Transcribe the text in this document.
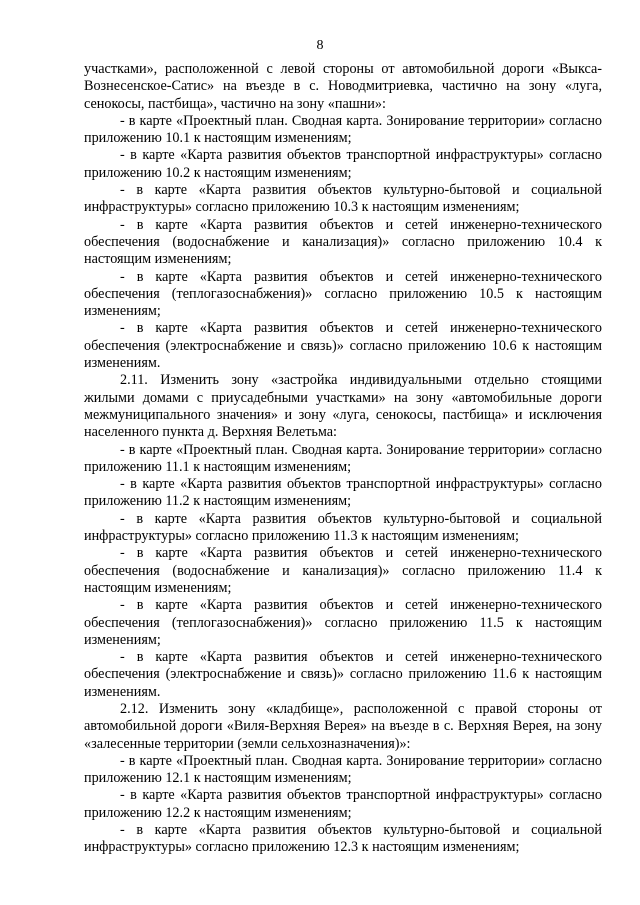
8

участками», расположенной с левой стороны от автомобильной дороги «Выкса-Вознесенское-Сатис» на въезде в с. Новодмитриевка, частично на зону «луга, сенокосы, пастбища», частично на зону «пашни»:

- в карте «Проектный план. Сводная карта. Зонирование территории» согласно приложению 10.1 к настоящим изменениям;

- в карте «Карта развития объектов транспортной инфраструктуры» согласно приложению 10.2 к настоящим изменениям;

- в карте «Карта развития объектов культурно-бытовой и социальной инфраструктуры» согласно приложению 10.3 к настоящим изменениям;

- в карте «Карта развития объектов и сетей инженерно-технического обеспечения (водоснабжение и канализация)» согласно приложению 10.4 к настоящим изменениям;

- в карте «Карта развития объектов и сетей инженерно-технического обеспечения (теплогазоснабжения)» согласно приложению 10.5 к настоящим изменениям;

- в карте «Карта развития объектов и сетей инженерно-технического обеспечения (электроснабжение и связь)» согласно приложению 10.6 к настоящим изменениям.

2.11. Изменить зону «застройка индивидуальными отдельно стоящими жилыми домами с приусадебными участками» на зону «автомобильные дороги межмуниципального значения» и зону «луга, сенокосы, пастбища» и исключения населенного пункта д. Верхняя Велетьма:

- в карте «Проектный план. Сводная карта. Зонирование территории» согласно приложению 11.1 к настоящим изменениям;

- в карте «Карта развития объектов транспортной инфраструктуры» согласно приложению 11.2 к настоящим изменениям;

- в карте «Карта развития объектов культурно-бытовой и социальной инфраструктуры» согласно приложению 11.3 к настоящим изменениям;

- в карте «Карта развития объектов и сетей инженерно-технического обеспечения (водоснабжение и канализация)» согласно приложению 11.4 к настоящим изменениям;

- в карте «Карта развития объектов и сетей инженерно-технического обеспечения (теплогазоснабжения)» согласно приложению 11.5 к настоящим изменениям;

- в карте «Карта развития объектов и сетей инженерно-технического обеспечения (электроснабжение и связь)» согласно приложению 11.6 к настоящим изменениям.

2.12. Изменить зону «кладбище», расположенной с правой стороны от автомобильной дороги «Виля-Верхняя Верея» на въезде в с. Верхняя Верея, на зону «залесенные территории (земли сельхозназначения)»:

- в карте «Проектный план. Сводная карта. Зонирование территории» согласно приложению 12.1 к настоящим изменениям;

- в карте «Карта развития объектов транспортной инфраструктуры» согласно приложению 12.2 к настоящим изменениям;

- в карте «Карта развития объектов культурно-бытовой и социальной инфраструктуры» согласно приложению 12.3 к настоящим изменениям;
